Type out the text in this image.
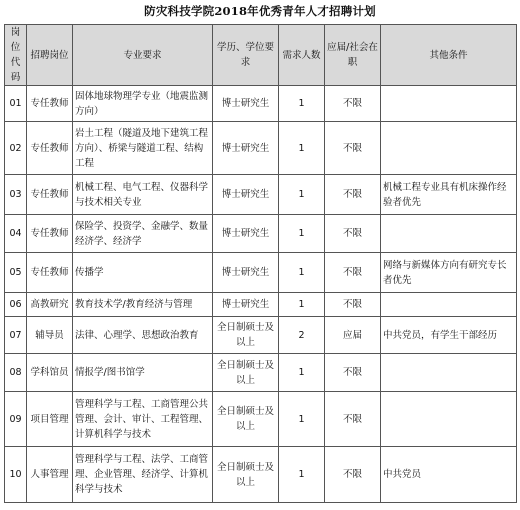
防灾科技学院2018年优秀青年人才招聘计划
岗位代码	招聘岗位	专业要求	学历、学位要求	需求人数	应届/社会在职	其他条件
01	专任教师	固体地球物理学专业（地震监测方向）	博士研究生	1	不限	
02	专任教师	岩土工程（隧道及地下建筑工程方向）、桥梁与隧道工程、结构工程	博士研究生	1	不限	
03	专任教师	机械工程、电气工程、仪器科学与技术相关专业	博士研究生	1	不限	机械工程专业具有机床操作经验者优先
04	专任教师	保险学、投资学、金融学、数量经济学、经济学	博士研究生	1	不限	
05	专任教师	传播学	博士研究生	1	不限	网络与新媒体方向有研究专长者优先
06	高教研究	教育技术学/教育经济与管理	博士研究生	1	不限	
07	辅导员	法律、心理学、思想政治教育	全日制硕士及以上	2	应届	中共党员，有学生干部经历
08	学科馆员	情报学/图书馆学	全日制硕士及以上	1	不限	
09	项目管理	管理科学与工程、工商管理公共管理、会计、审计、工程管理、计算机科学与技术	全日制硕士及以上	1	不限	
10	人事管理	管理科学与工程、法学、工商管理、企业管理、经济学、计算机科学与技术	全日制硕士及以上	1	不限	中共党员
